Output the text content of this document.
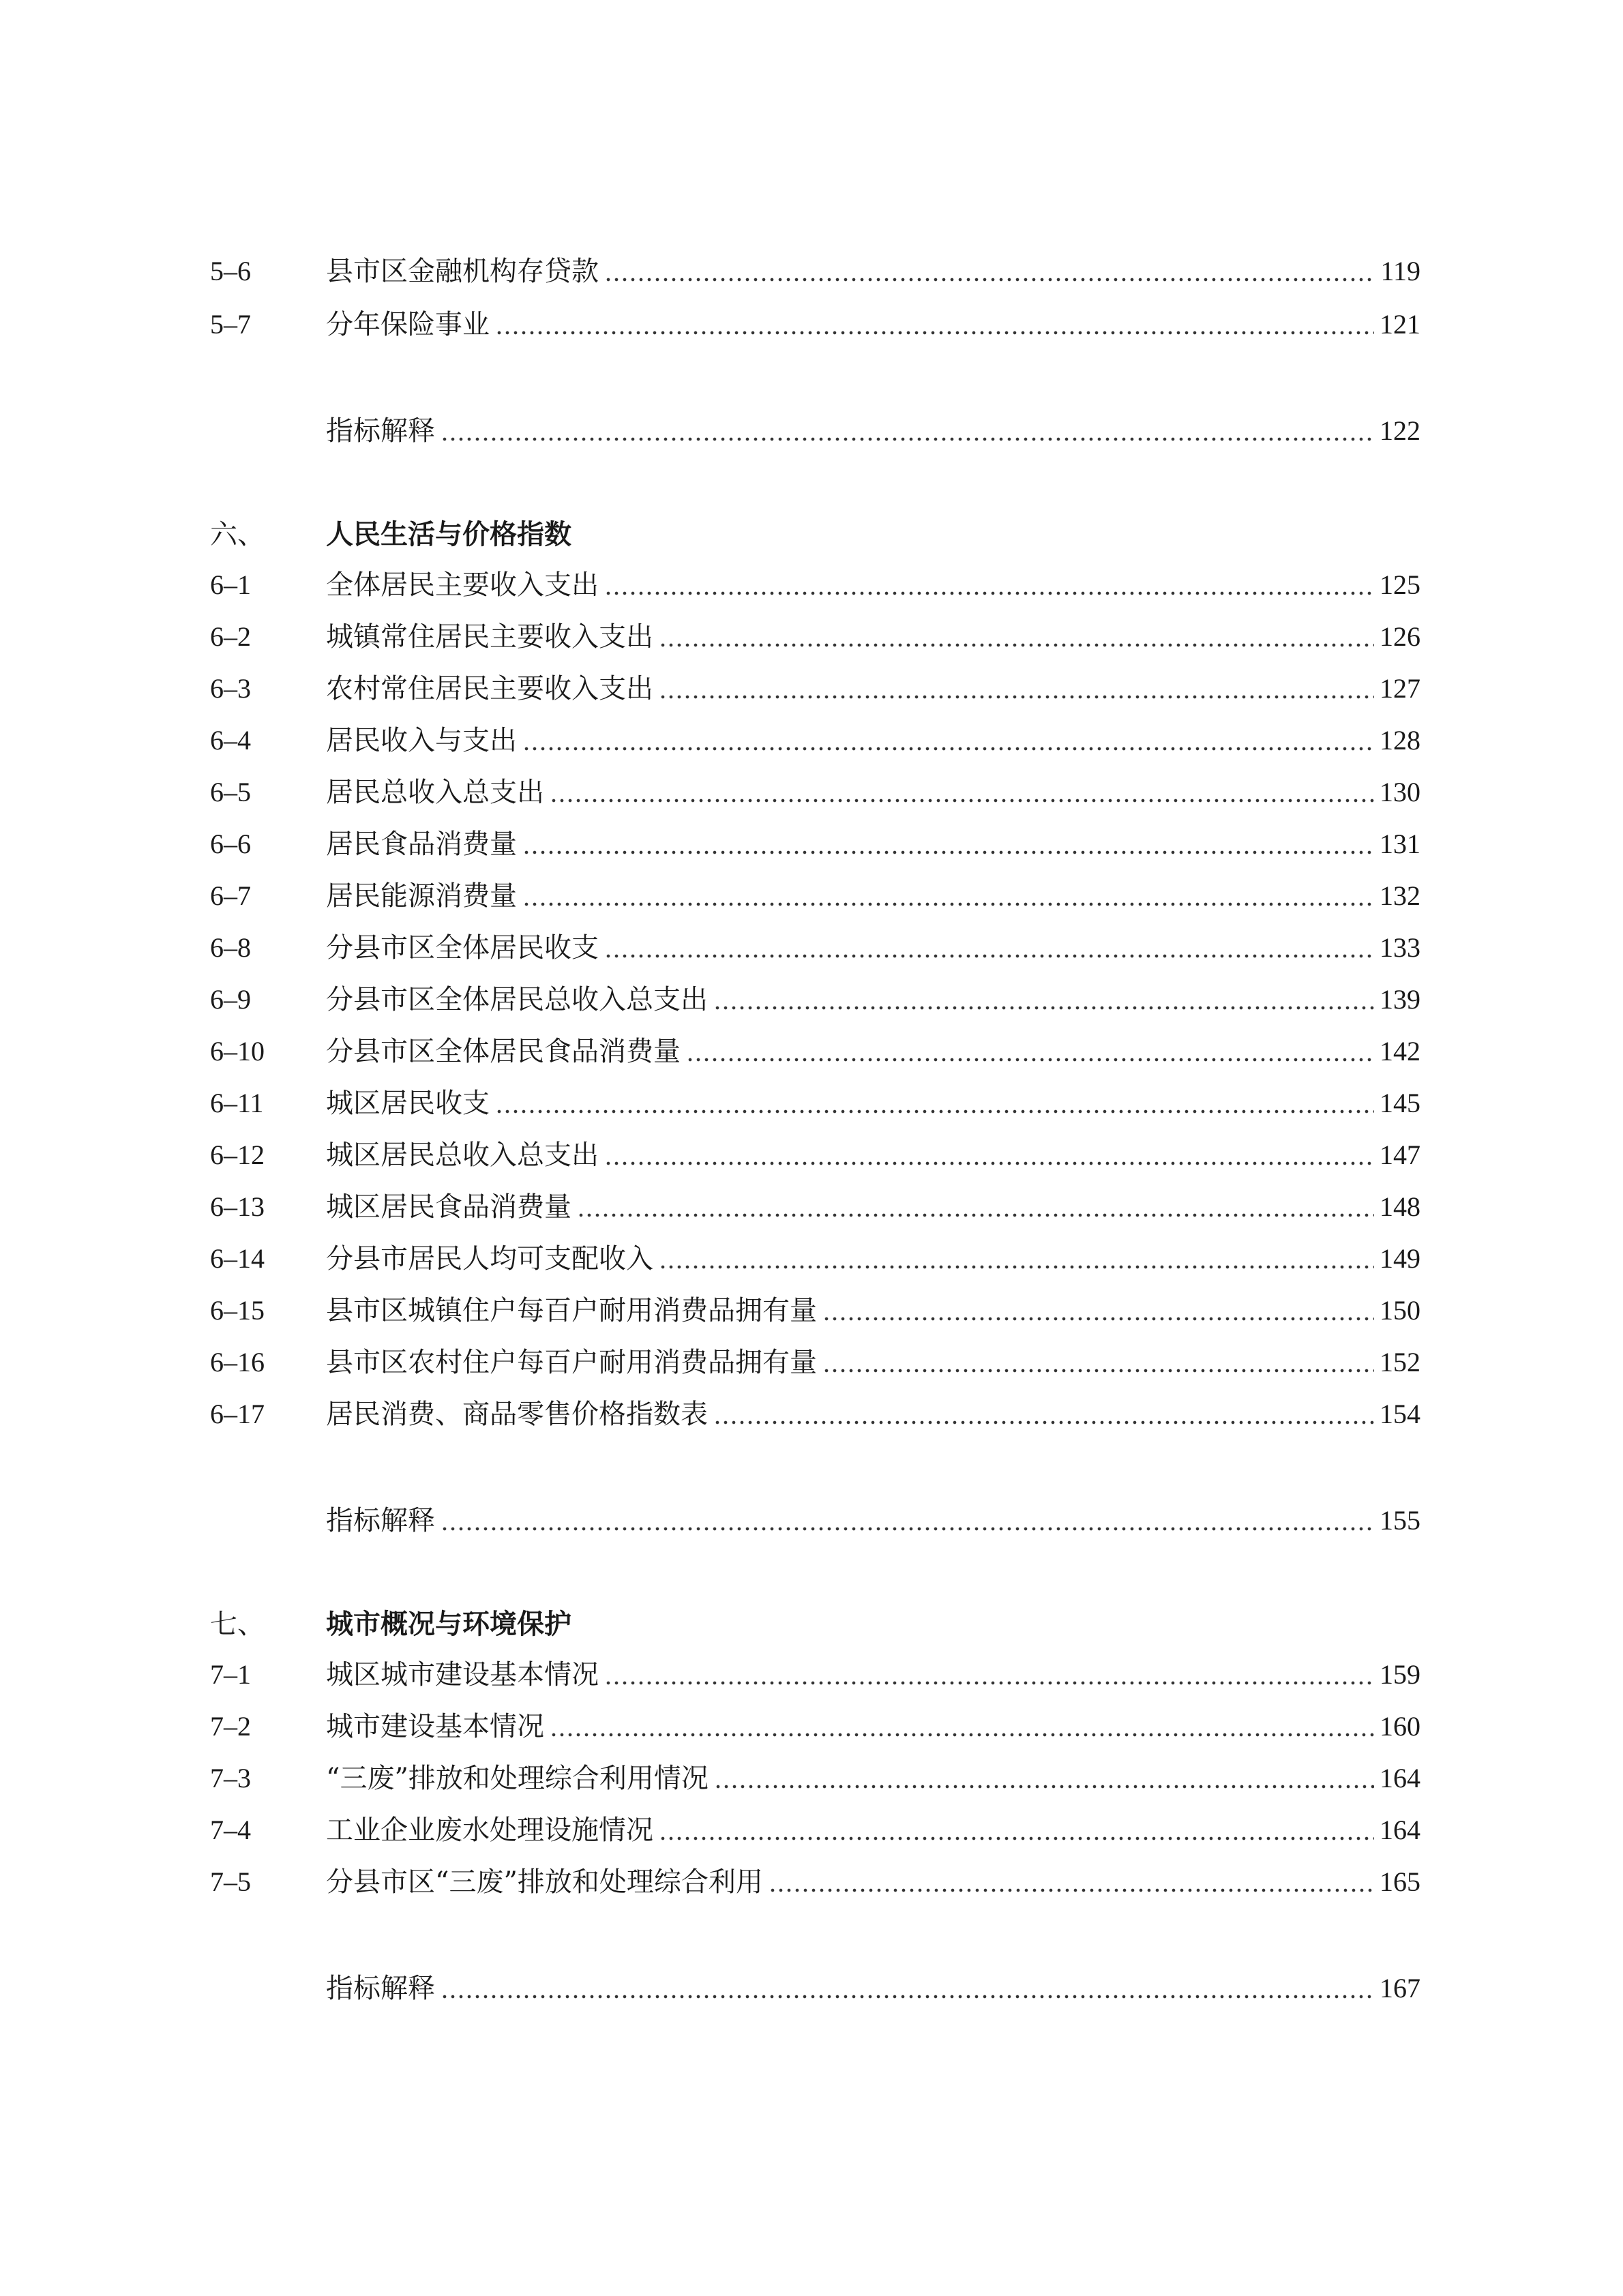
5–6	县市区金融机构存贷款	119
5–7	分年保险事业	121
指标解释	122
六、	人民生活与价格指数
6–1	全体居民主要收入支出	125
6–2	城镇常住居民主要收入支出	126
6–3	农村常住居民主要收入支出	127
6–4	居民收入与支出	128
6–5	居民总收入总支出	130
6–6	居民食品消费量	131
6–7	居民能源消费量	132
6–8	分县市区全体居民收支	133
6–9	分县市区全体居民总收入总支出	139
6–10	分县市区全体居民食品消费量	142
6–11	城区居民收支	145
6–12	城区居民总收入总支出	147
6–13	城区居民食品消费量	148
6–14	分县市居民人均可支配收入	149
6–15	县市区城镇住户每百户耐用消费品拥有量	150
6–16	县市区农村住户每百户耐用消费品拥有量	152
6–17	居民消费、商品零售价格指数表	154
指标解释	155
七、	城市概况与环境保护
7–1	城区城市建设基本情况	159
7–2	城市建设基本情况	160
7–3	“三废”排放和处理综合利用情况	164
7–4	工业企业废水处理设施情况	164
7–5	分县市区“三废”排放和处理综合利用	165
指标解释	167
